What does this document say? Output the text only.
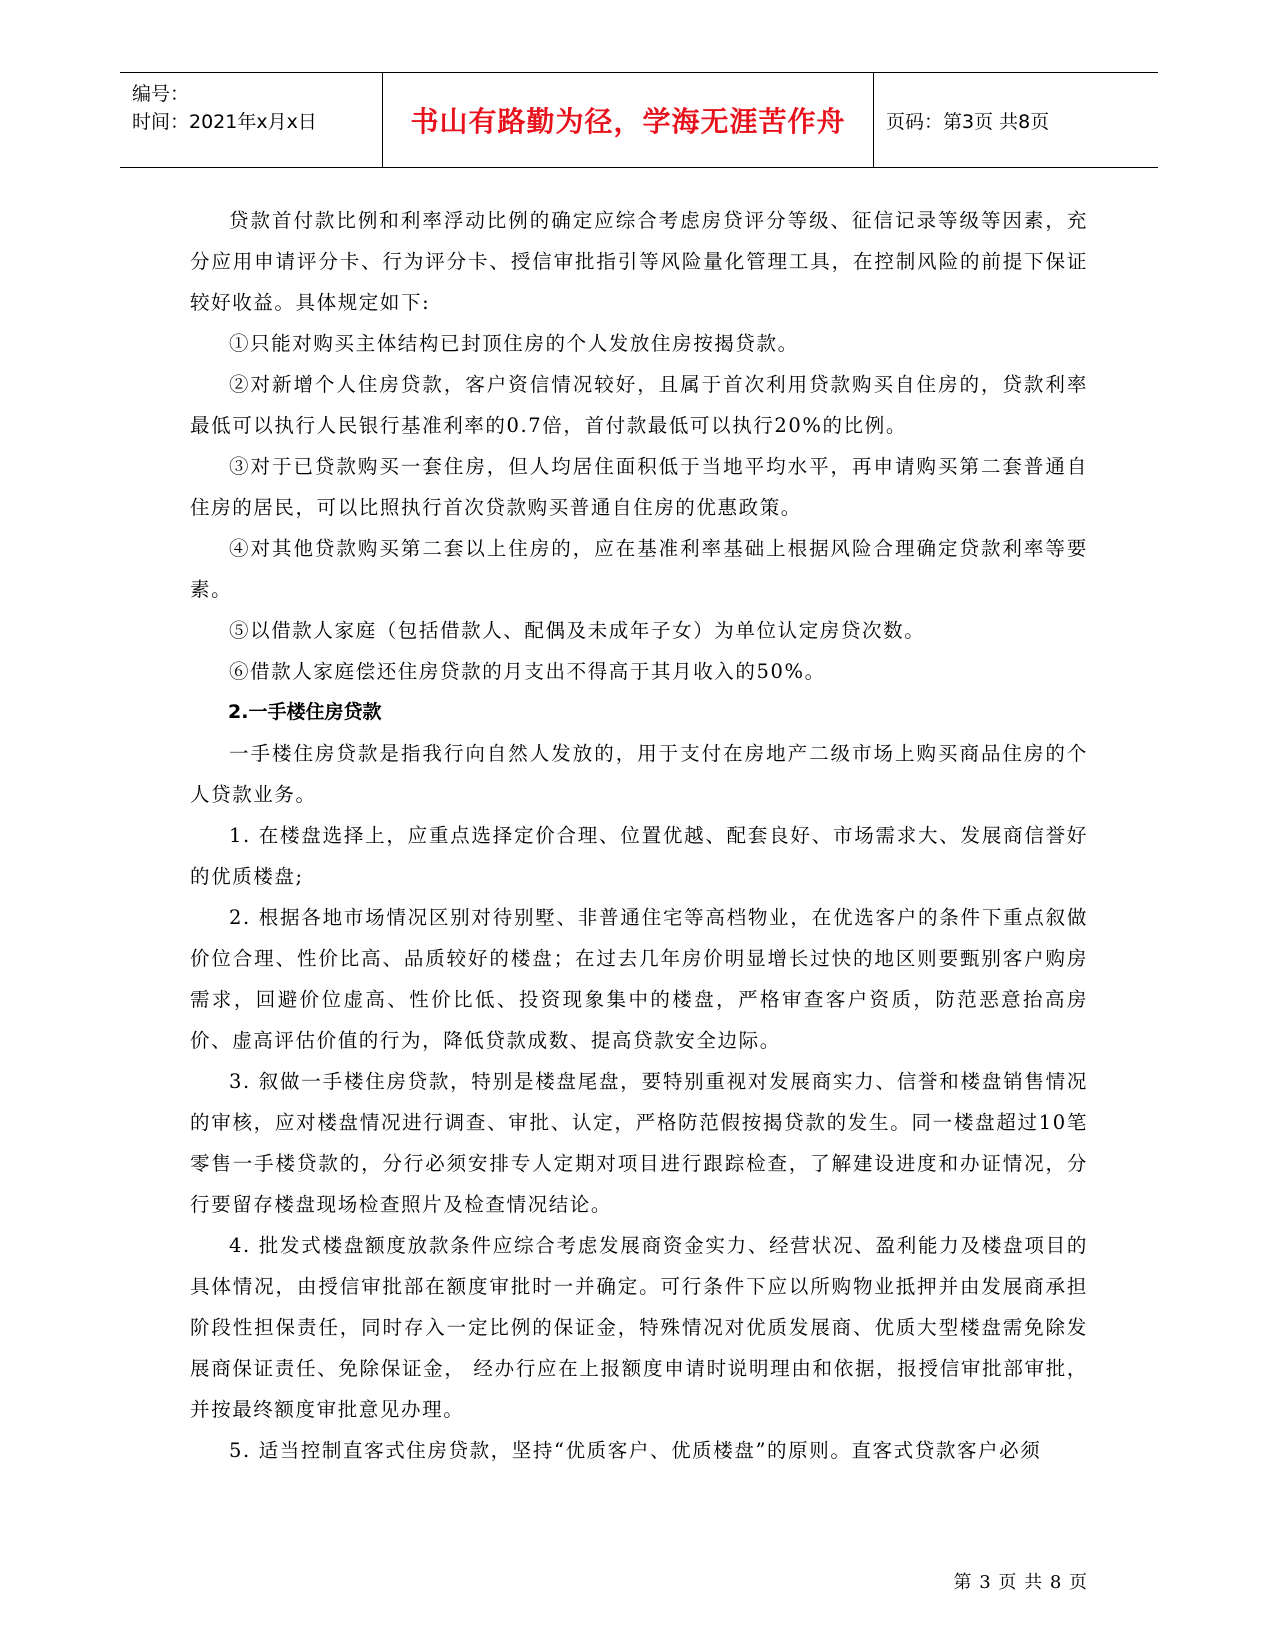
编号：
时间：2021年x月x日	书山有路勤为径，学海无涯苦作舟	页码：第3页 共8页

贷款首付款比例和利率浮动比例的确定应综合考虑房贷评分等级、征信记录等级等因素，充分应用申请评分卡、行为评分卡、授信审批指引等风险量化管理工具，在控制风险的前提下保证较好收益。具体规定如下:

①只能对购买主体结构已封顶住房的个人发放住房按揭贷款。

②对新增个人住房贷款，客户资信情况较好，且属于首次利用贷款购买自住房的，贷款利率最低可以执行人民银行基准利率的0.7倍，首付款最低可以执行20%的比例。

③对于已贷款购买一套住房，但人均居住面积低于当地平均水平，再申请购买第二套普通自住房的居民，可以比照执行首次贷款购买普通自住房的优惠政策。

④对其他贷款购买第二套以上住房的，应在基准利率基础上根据风险合理确定贷款利率等要素。

⑤以借款人家庭（包括借款人、配偶及未成年子女）为单位认定房贷次数。

⑥借款人家庭偿还住房贷款的月支出不得高于其月收入的50%。

2.一手楼住房贷款

一手楼住房贷款是指我行向自然人发放的，用于支付在房地产二级市场上购买商品住房的个人贷款业务。

1. 在楼盘选择上，应重点选择定价合理、位置优越、配套良好、市场需求大、发展商信誉好的优质楼盘;

2. 根据各地市场情况区别对待别墅、非普通住宅等高档物业，在优选客户的条件下重点叙做价位合理、性价比高、品质较好的楼盘；在过去几年房价明显增长过快的地区则要甄别客户购房需求，回避价位虚高、性价比低、投资现象集中的楼盘，严格审查客户资质，防范恶意抬高房价、虚高评估价值的行为，降低贷款成数、提高贷款安全边际。

3. 叙做一手楼住房贷款，特别是楼盘尾盘，要特别重视对发展商实力、信誉和楼盘销售情况的审核，应对楼盘情况进行调查、审批、认定，严格防范假按揭贷款的发生。同一楼盘超过10笔零售一手楼贷款的，分行必须安排专人定期对项目进行跟踪检查，了解建设进度和办证情况，分行要留存楼盘现场检查照片及检查情况结论。

4. 批发式楼盘额度放款条件应综合考虑发展商资金实力、经营状况、盈利能力及楼盘项目的具体情况，由授信审批部在额度审批时一并确定。可行条件下应以所购物业抵押并由发展商承担阶段性担保责任，同时存入一定比例的保证金，特殊情况对优质发展商、优质大型楼盘需免除发展商保证责任、免除保证金， 经办行应在上报额度申请时说明理由和依据，报授信审批部审批，并按最终额度审批意见办理。

5. 适当控制直客式住房贷款，坚持“优质客户、优质楼盘”的原则。直客式贷款客户必须

第 3 页 共 8 页
